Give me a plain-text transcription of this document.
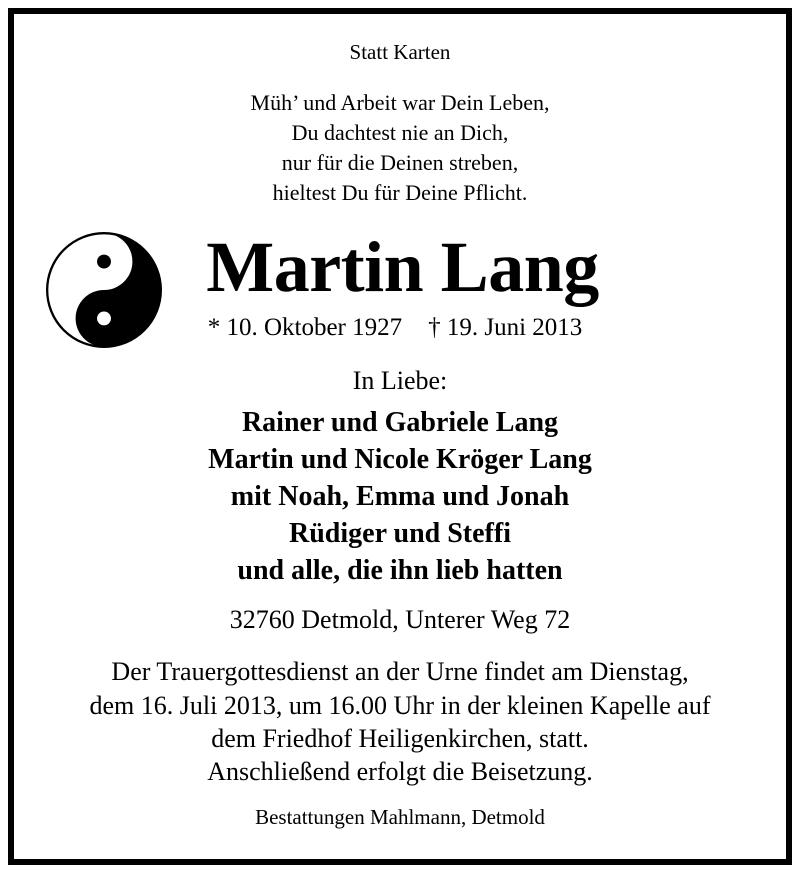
Statt Karten
Müh’ und Arbeit war Dein Leben,
Du dachtest nie an Dich,
nur für die Deinen streben,
hieltest Du für Deine Pflicht.
Martin Lang
* 10. Oktober 1927 † 19. Juni 2013
In Liebe:
Rainer und Gabriele Lang
Martin und Nicole Kröger Lang
mit Noah, Emma und Jonah
Rüdiger und Steffi
und alle, die ihn lieb hatten
32760 Detmold, Unterer Weg 72
Der Trauergottesdienst an der Urne findet am Dienstag,
dem 16. Juli 2013, um 16.00 Uhr in der kleinen Kapelle auf
dem Friedhof Heiligenkirchen, statt.
Anschließend erfolgt die Beisetzung.
Bestattungen Mahlmann, Detmold
